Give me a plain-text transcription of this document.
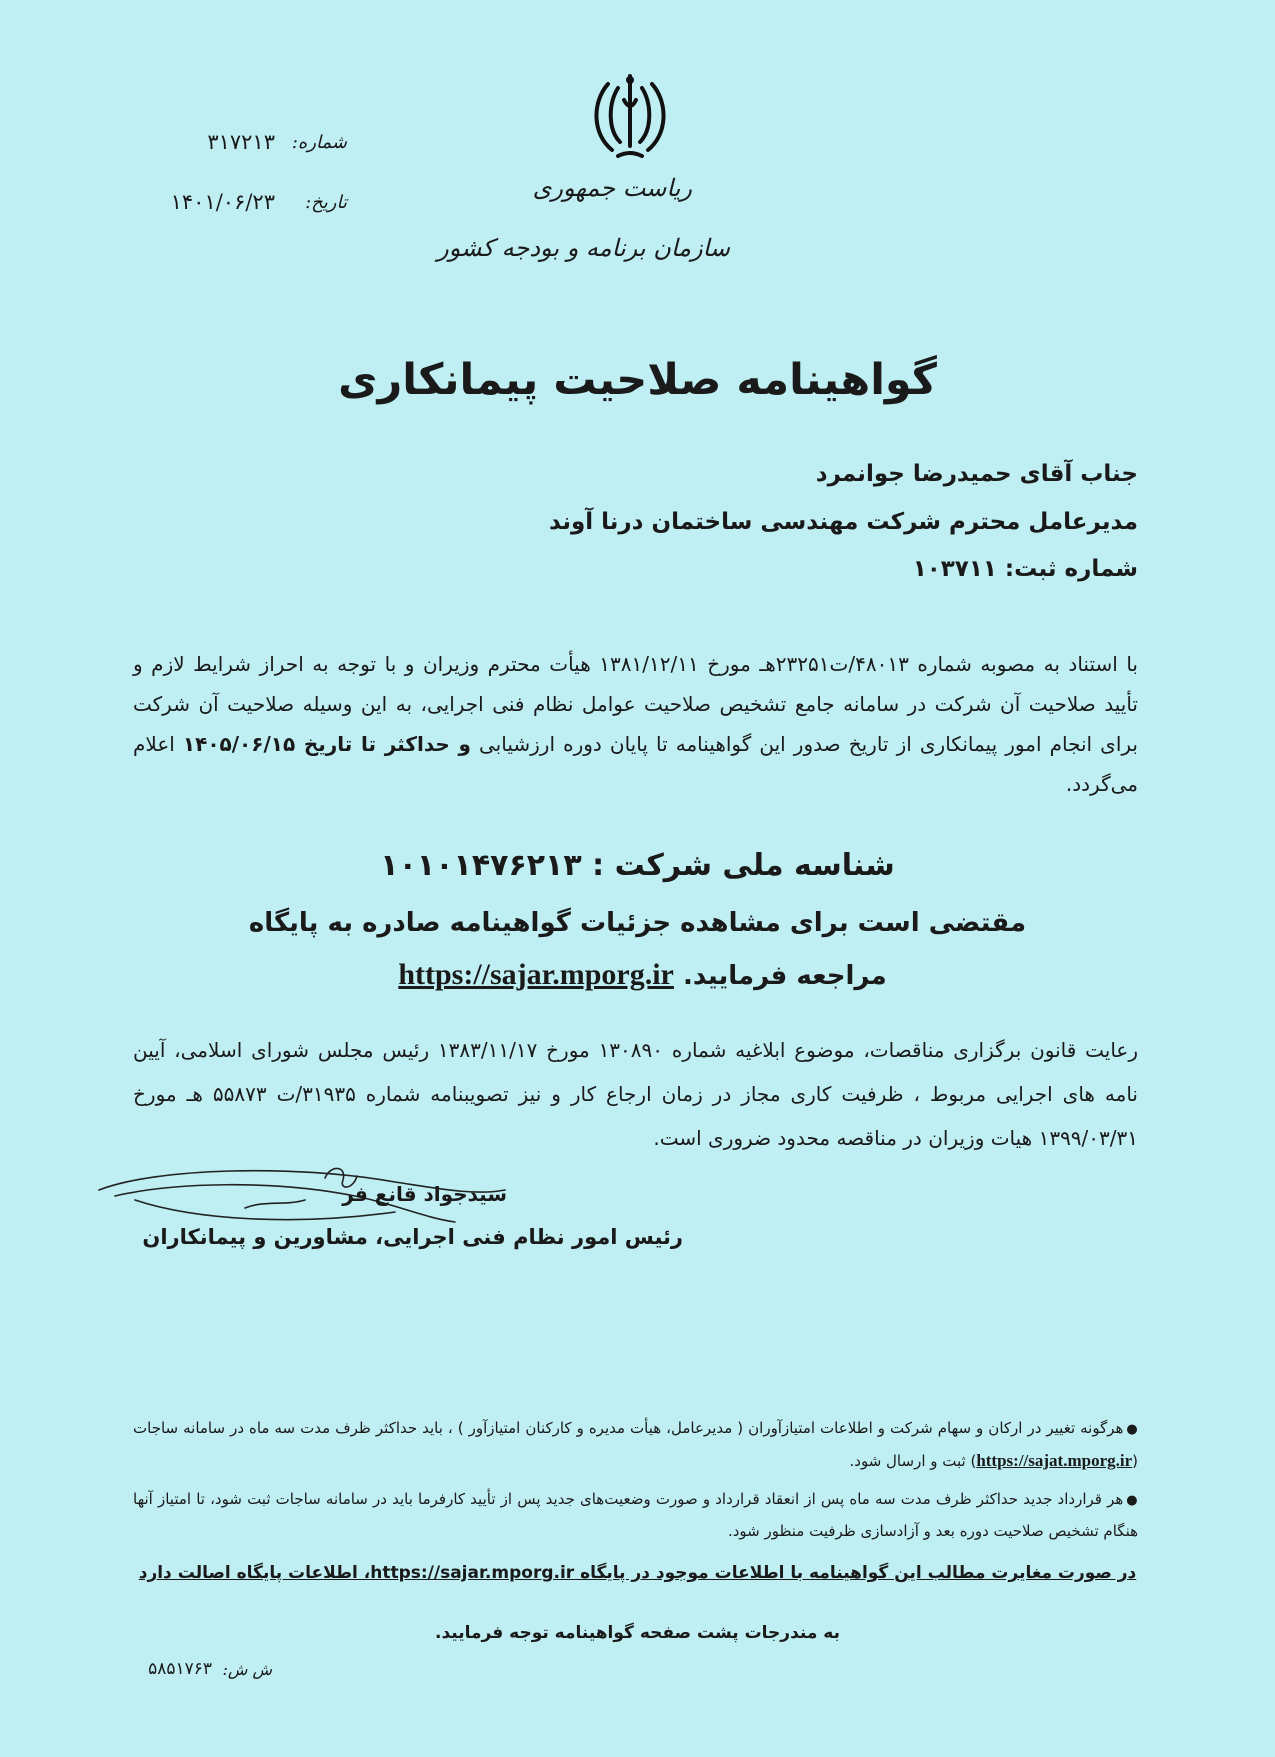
ریاست جمهوری
سازمان برنامه و بودجه کشور
شماره:
۳۱۷۲۱۳
تاریخ:
۱۴۰۱/۰۶/۲۳
گواهینامه صلاحیت پیمانکاری
جناب آقای حمیدرضا جوانمرد
مدیرعامل محترم شرکت مهندسی ساختمان درنا آوند
شماره ثبت: ۱۰۳۷۱۱
با استناد به مصوبه شماره ۴۸۰۱۳/ت۲۳۲۵۱هـ مورخ ۱۳۸۱/۱۲/۱۱ هیأت محترم وزیران و با توجه به احراز شرایط لازم و تأیید صلاحیت آن شرکت در سامانه جامع تشخیص صلاحیت عوامل نظام فنی اجرایی، به این وسیله صلاحیت آن شرکت برای انجام امور پیمانکاری از تاریخ صدور این گواهینامه تا پایان دوره ارزشیابی و حداکثر تا تاریخ ۱۴۰۵/۰۶/۱۵ اعلام می‌گردد.
شناسه ملی شرکت : ۱۰۱۰۱۴۷۶۲۱۳
مقتضی است برای مشاهده جزئیات گواهینامه صادره به پایگاه
مراجعه فرمایید. https://sajar.mporg.ir
رعایت قانون برگزاری مناقصات، موضوع ابلاغیه شماره ۱۳۰۸۹۰ مورخ ۱۳۸۳/۱۱/۱۷ رئیس مجلس شورای اسلامی، آیین نامه های اجرایی مربوط ، ظرفیت کاری مجاز در زمان ارجاع کار و نیز تصویبنامه شماره ۳۱۹۳۵/ت ۵۵۸۷۳ هـ مورخ ۱۳۹۹/۰۳/۳۱ هیات وزیران در مناقصه محدود ضروری است.
سیدجواد قانع فر
رئیس امور نظام فنی اجرایی، مشاورین و پیمانکاران
●هرگونه تغییر در ارکان و سهام شرکت و اطلاعات امتیازآوران ( مدیرعامل، هیأت مدیره و کارکنان امتیازآور ) ، باید حداکثر ظرف مدت سه ماه در سامانه ساجات (https://sajat.mporg.ir) ثبت و ارسال شود.
●هر قرارداد جدید حداکثر ظرف مدت سه ماه پس از انعقاد قرارداد و صورت وضعیت‌های جدید پس از تأیید کارفرما باید در سامانه ساجات ثبت شود، تا امتیاز آنها هنگام تشخیص صلاحیت دوره بعد و آزادسازی ظرفیت منظور شود.
در صورت مغایرت مطالب این گواهینامه با اطلاعات موجود در پایگاه https://sajar.mporg.ir، اطلاعات پایگاه اصالت دارد
به مندرجات پشت صفحه گواهینامه توجه فرمایید.
ش ش:
۵۸۵۱۷۶۳
